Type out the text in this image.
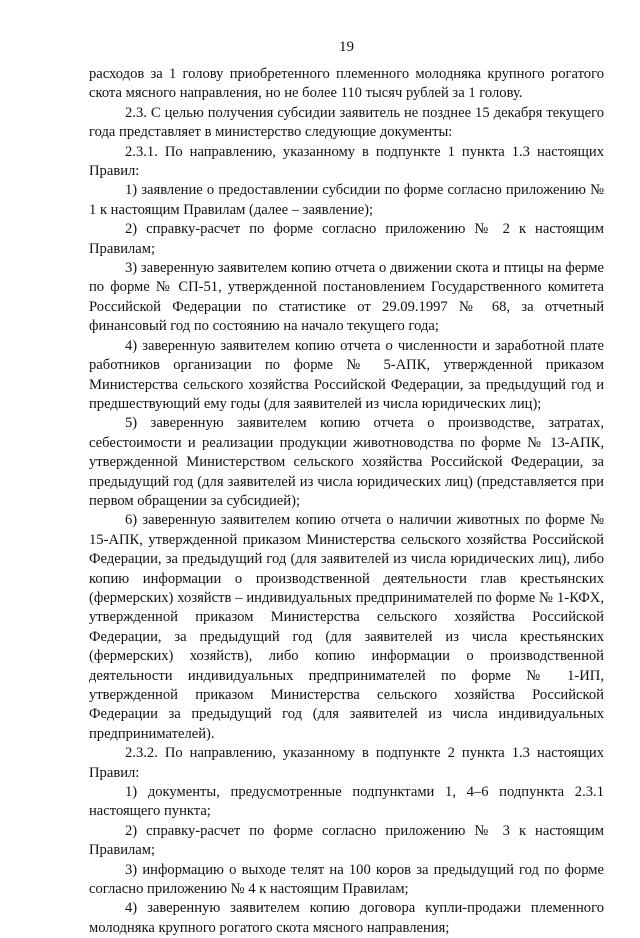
19

расходов за 1 голову приобретенного племенного молодняка крупного рогатого скота мясного направления, но не более 110 тысяч рублей за 1 голову.

2.3. С целью получения субсидии заявитель не позднее 15 декабря текущего года представляет в министерство следующие документы:

2.3.1. По направлению, указанному в подпункте 1 пункта 1.3 настоящих Правил:

1) заявление о предоставлении субсидии по форме согласно приложению № 1 к настоящим Правилам (далее – заявление);

2) справку-расчет по форме согласно приложению № 2 к настоящим Правилам;

3) заверенную заявителем копию отчета о движении скота и птицы на ферме по форме № СП-51, утвержденной постановлением Государственного комитета Российской Федерации по статистике от 29.09.1997 № 68, за отчетный финансовый год по состоянию на начало текущего года;

4) заверенную заявителем копию отчета о численности и заработной плате работников организации по форме № 5-АПК, утвержденной приказом Министерства сельского хозяйства Российской Федерации, за предыдущий год и предшествующий ему годы (для заявителей из числа юридических лиц);

5) заверенную заявителем копию отчета о производстве, затратах, себестоимости и реализации продукции животноводства по форме № 13-АПК, утвержденной Министерством сельского хозяйства Российской Федерации, за предыдущий год (для заявителей из числа юридических лиц) (представляется при первом обращении за субсидией);

6) заверенную заявителем копию отчета о наличии животных по форме № 15-АПК, утвержденной приказом Министерства сельского хозяйства Российской Федерации, за предыдущий год (для заявителей из числа юридических лиц), либо копию информации о производственной деятельности глав крестьянских (фермерских) хозяйств – индивидуальных предпринимателей по форме № 1-КФХ, утвержденной приказом Министерства сельского хозяйства Российской Федерации, за предыдущий год (для заявителей из числа крестьянских (фермерских) хозяйств), либо копию информации о производственной деятельности индивидуальных предпринимателей по форме № 1-ИП, утвержденной приказом Министерства сельского хозяйства Российской Федерации за предыдущий год (для заявителей из числа индивидуальных предпринимателей).

2.3.2. По направлению, указанному в подпункте 2 пункта 1.3 настоящих Правил:

1) документы, предусмотренные подпунктами 1, 4–6 подпункта 2.3.1 настоящего пункта;

2) справку-расчет по форме согласно приложению № 3 к настоящим Правилам;

3) информацию о выходе телят на 100 коров за предыдущий год по форме согласно приложению № 4 к настоящим Правилам;

4) заверенную заявителем копию договора купли-продажи племенного молодняка крупного рогатого скота мясного направления;
